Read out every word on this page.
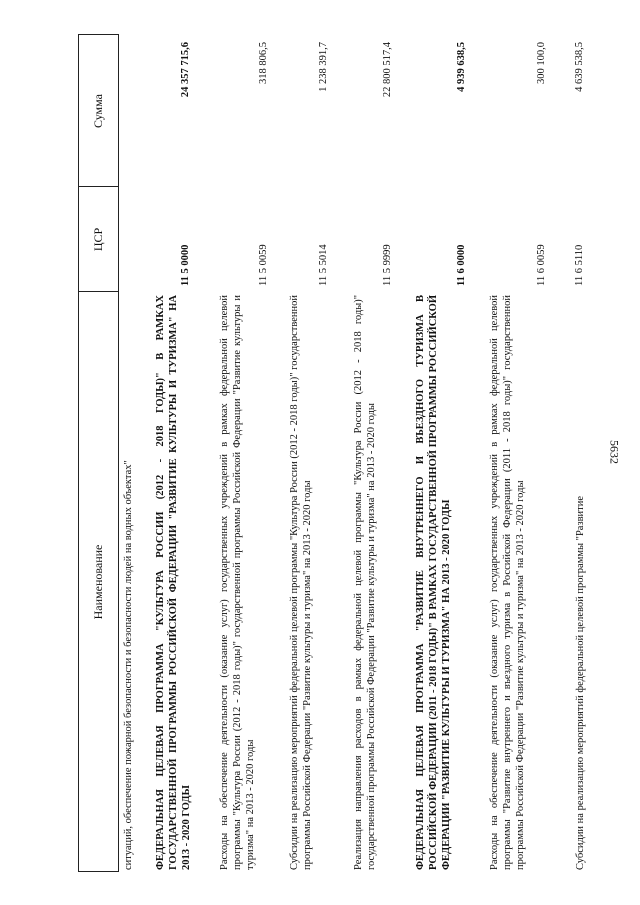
5632
Наименование
ЦСР
Сумма
ситуаций, обеспечение пожарной безопасности и безопасности людей на водных объектах" ФЕДЕРАЛЬНАЯ ЦЕЛЕВАЯ ПРОГРАММА "КУЛЬТУРА РОССИИ (2012 - 2018 ГОДЫ)" В РАМКАХ ГОСУДАРСТВЕННОЙ ПРОГРАММЫ РОССИЙСКОЙ ФЕДЕРАЦИИ "РАЗВИТИЕ КУЛЬТУРЫ И ТУРИЗМА" НА 2013 - 2020 ГОДЫ
11 5 0000
24 357 715,6
Расходы на обеспечение деятельности (оказание услуг) государственных учреждений в рамках федеральной целевой программы "Культура России (2012 - 2018 годы)" государственной программы Российской Федерации "Развитие культуры и туризма" на 2013 - 2020 годы
11 5 0059
318 806,5
Субсидии на реализацию мероприятий федеральной целевой программы "Культура России (2012 - 2018 годы)" государственной программы Российской Федерации "Развитие культуры и туризма" на 2013 - 2020 годы
11 5 5014
1 238 391,7
Реализация направления расходов в рамках федеральной целевой программы "Культура России (2012 - 2018 годы)" государственной программы Российской Федерации "Развитие культуры и туризма" на 2013 - 2020 годы
11 5 9999
22 800 517,4
ФЕДЕРАЛЬНАЯ ЦЕЛЕВАЯ ПРОГРАММА "РАЗВИТИЕ ВНУТРЕННЕГО И ВЪЕЗДНОГО ТУРИЗМА В РОССИЙСКОЙ ФЕДЕРАЦИИ (2011 - 2018 ГОДЫ)" В РАМКАХ ГОСУДАРСТВЕННОЙ ПРОГРАММЫ РОССИЙСКОЙ ФЕДЕРАЦИИ "РАЗВИТИЕ КУЛЬТУРЫ И ТУРИЗМА" НА 2013 - 2020 ГОДЫ
11 6 0000
4 939 638,5
Расходы на обеспечение деятельности (оказание услуг) государственных учреждений в рамках федеральной целевой программы "Развитие внутреннего и въездного туризма в Российской Федерации (2011 - 2018 годы)" государственной программы Российской Федерации "Развитие культуры и туризма" на 2013 - 2020 годы
11 6 0059
300 100,0
Субсидии на реализацию мероприятий федеральной целевой программы "Развитие
11 6 5110
4 639 538,5
